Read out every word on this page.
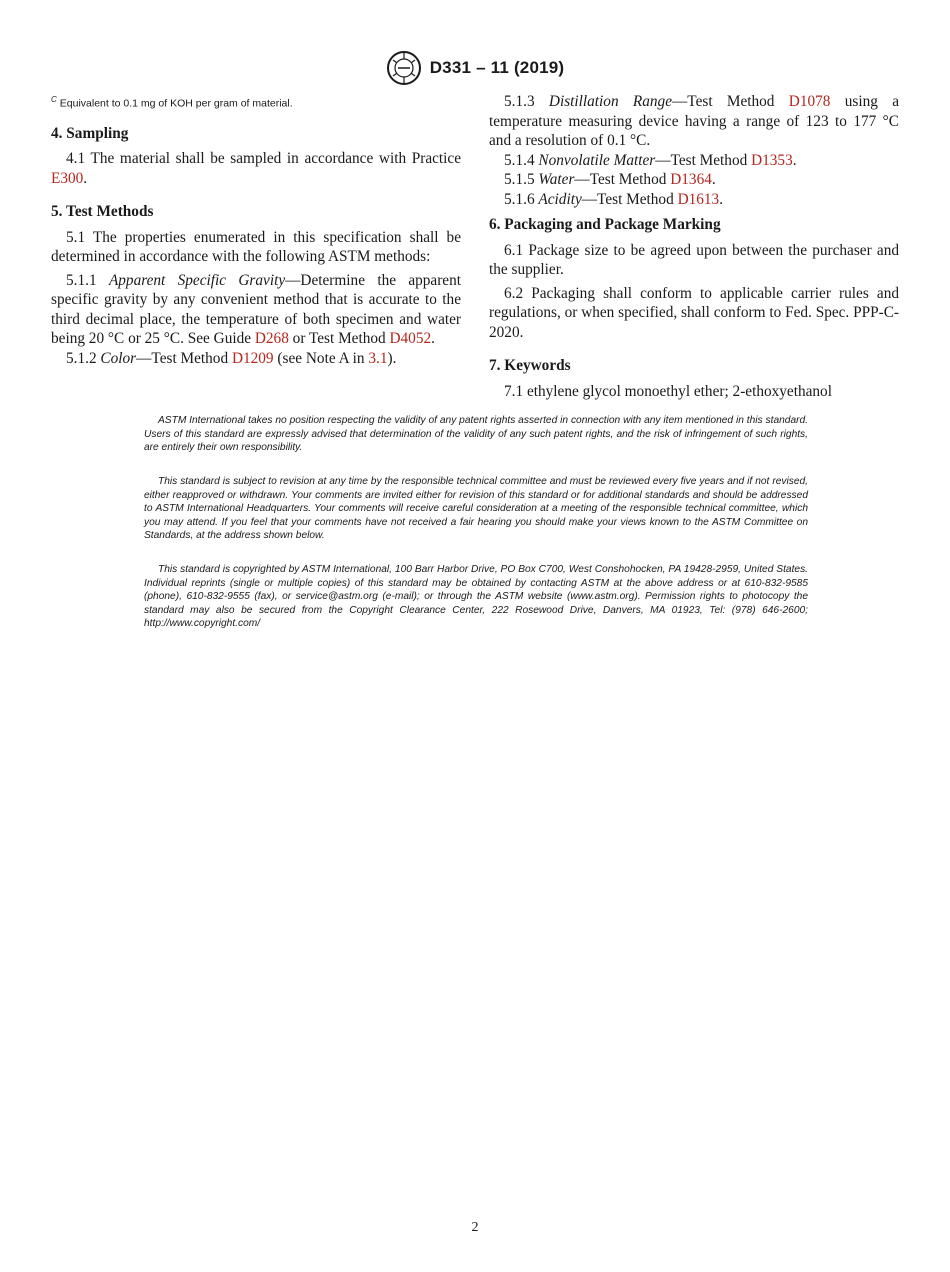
D331 – 11 (2019)
$^C$ Equivalent to 0.1 mg of KOH per gram of material.
4. Sampling

4.1 The material shall be sampled in accordance with Practice E300.

5. Test Methods

5.1 The properties enumerated in this specification shall be determined in accordance with the following ASTM methods:

5.1.1 Apparent Specific Gravity—Determine the apparent specific gravity by any convenient method that is accurate to the third decimal place, the temperature of both specimen and water being 20 °C or 25 °C. See Guide D268 or Test Method D4052.

5.1.2 Color—Test Method D1209 (see Note A in 3.1).

5.1.3 Distillation Range—Test Method D1078 using a temperature measuring device having a range of 123 to 177 °C and a resolution of 0.1 °C.

5.1.4 Nonvolatile Matter—Test Method D1353.

5.1.5 Water—Test Method D1364.

5.1.6 Acidity—Test Method D1613.

6. Packaging and Package Marking

6.1 Package size to be agreed upon between the purchaser and the supplier.

6.2 Packaging shall conform to applicable carrier rules and regulations, or when specified, shall conform to Fed. Spec. PPP-C-2020.

7. Keywords

7.1 ethylene glycol monoethyl ether; 2-ethoxyethanol

ASTM International takes no position respecting the validity of any patent rights asserted in connection with any item mentioned in this standard. Users of this standard are expressly advised that determination of the validity of any such patent rights, and the risk of infringement of such rights, are entirely their own responsibility.

This standard is subject to revision at any time by the responsible technical committee and must be reviewed every five years and if not revised, either reapproved or withdrawn. Your comments are invited either for revision of this standard or for additional standards and should be addressed to ASTM International Headquarters. Your comments will receive careful consideration at a meeting of the responsible technical committee, which you may attend. If you feel that your comments have not received a fair hearing you should make your views known to the ASTM Committee on Standards, at the address shown below.

This standard is copyrighted by ASTM International, 100 Barr Harbor Drive, PO Box C700, West Conshohocken, PA 19428-2959, United States. Individual reprints (single or multiple copies) of this standard may be obtained by contacting ASTM at the above address or at 610-832-9585 (phone), 610-832-9555 (fax), or service@astm.org (e-mail); or through the ASTM website (www.astm.org). Permission rights to photocopy the standard may also be secured from the Copyright Clearance Center, 222 Rosewood Drive, Danvers, MA 01923, Tel: (978) 646-2600; http://www.copyright.com/

2
